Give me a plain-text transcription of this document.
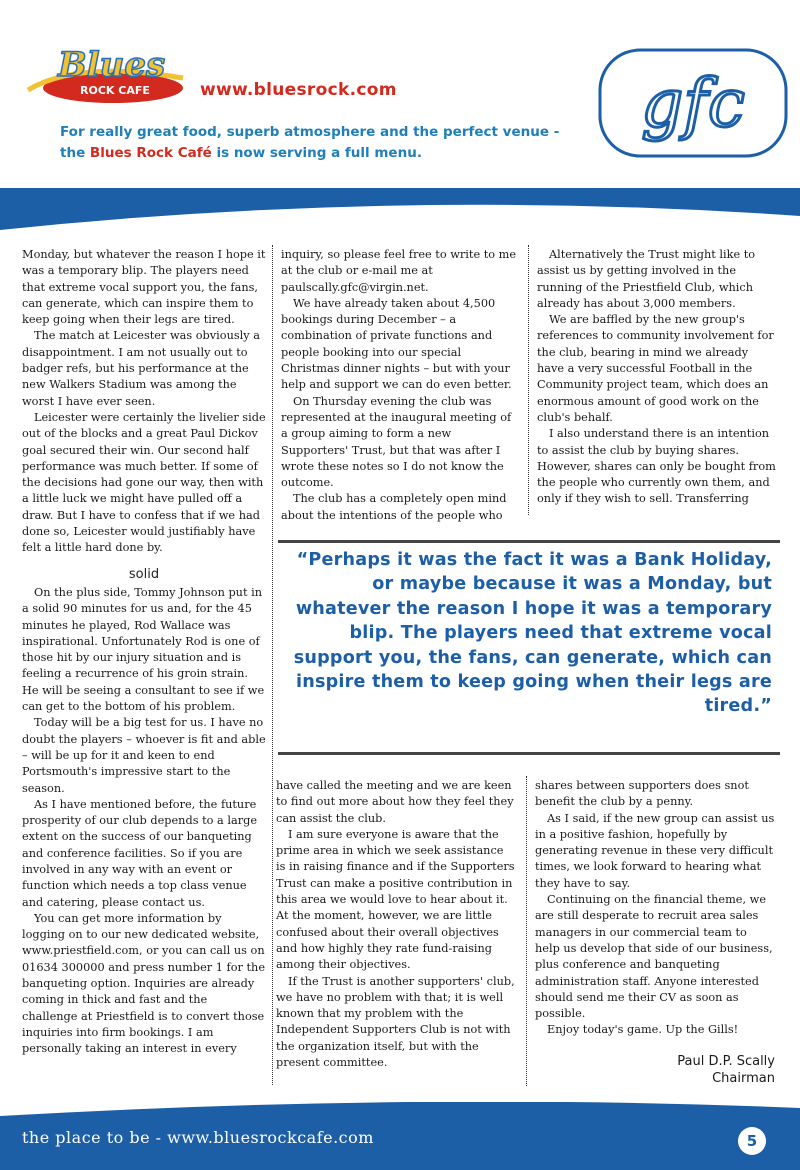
Blues
ROCK CAFE	www.bluesrock.com
For really great food, superb atmosphere and the perfect venue - the Blues Rock Café is now serving a full menu.
gfc

Monday, but whatever the reason I hope it was a temporary blip. The players need that extreme vocal support you, the fans, can generate, which can inspire them to keep going when their legs are tired.

The match at Leicester was obviously a disappointment. I am not usually out to badger refs, but his performance at the new Walkers Stadium was among the worst I have ever seen.

Leicester were certainly the livelier side out of the blocks and a great Paul Dickov goal secured their win. Our second half performance was much better. If some of the decisions had gone our way, then with a little luck we might have pulled off a draw. But I have to confess that if we had done so, Leicester would justifiably have felt a little hard done by.

solid

On the plus side, Tommy Johnson put in a solid 90 minutes for us and, for the 45 minutes he played, Rod Wallace was inspirational. Unfortunately Rod is one of those hit by our injury situation and is feeling a recurrence of his groin strain. He will be seeing a consultant to see if we can get to the bottom of his problem.

Today will be a big test for us. I have no doubt the players – whoever is fit and able – will be up for it and keen to end Portsmouth's impressive start to the season.

As I have mentioned before, the future prosperity of our club depends to a large extent on the success of our banqueting and conference facilities. So if you are involved in any way with an event or function which needs a top class venue and catering, please contact us.

You can get more information by logging on to our new dedicated website, www.priestfield.com, or you can call us on 01634 300000 and press number 1 for the banqueting option. Inquiries are already coming in thick and fast and the challenge at Priestfield is to convert those inquiries into firm bookings. I am personally taking an interest in every

inquiry, so please feel free to write to me at the club or e-mail me at paulscally.gfc@virgin.net.

We have already taken about 4,500 bookings during December – a combination of private functions and people booking into our special Christmas dinner nights – but with your help and support we can do even better.

On Thursday evening the club was represented at the inaugural meeting of a group aiming to form a new Supporters' Trust, but that was after I wrote these notes so I do not know the outcome.

The club has a completely open mind about the intentions of the people who

Alternatively the Trust might like to assist us by getting involved in the running of the Priestfield Club, which already has about 3,000 members.

We are baffled by the new group's references to community involvement for the club, bearing in mind we already have a very successful Football in the Community project team, which does an enormous amount of good work on the club's behalf.

I also understand there is an intention to assist the club by buying shares. However, shares can only be bought from the people who currently own them, and only if they wish to sell. Transferring

“Perhaps it was the fact it was a Bank Holiday, or maybe because it was a Monday, but whatever the reason I hope it was a temporary blip. The players need that extreme vocal support you, the fans, can generate, which can inspire them to keep going when their legs are tired.”

have called the meeting and we are keen to find out more about how they feel they can assist the club.

I am sure everyone is aware that the prime area in which we seek assistance is in raising finance and if the Supporters Trust can make a positive contribution in this area we would love to hear about it. At the moment, however, we are little confused about their overall objectives and how highly they rate fund-raising among their objectives.

If the Trust is another supporters' club, we have no problem with that; it is well known that my problem with the Independent Supporters Club is not with the organization itself, but with the present committee.

shares between supporters does snot benefit the club by a penny.

As I said, if the new group can assist us in a positive fashion, hopefully by generating revenue in these very difficult times, we look forward to hearing what they have to say.

Continuing on the financial theme, we are still desperate to recruit area sales managers in our commercial team to help us develop that side of our business, plus conference and banqueting administration staff. Anyone interested should send me their CV as soon as possible.

Enjoy today's game. Up the Gills!

Paul D.P. Scally
Chairman
the place to be - www.bluesrockcafe.com	5
